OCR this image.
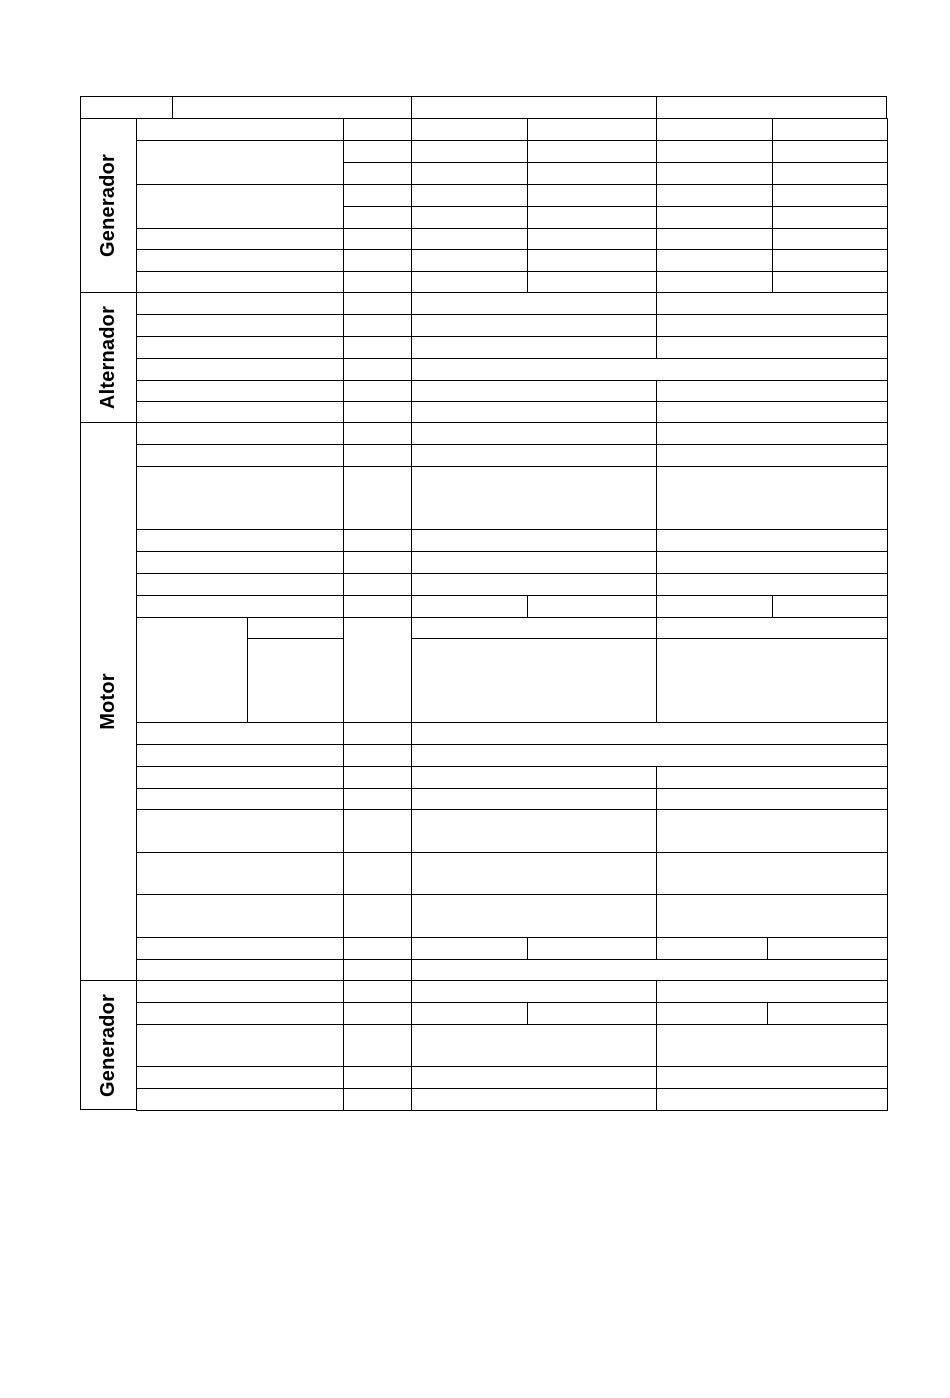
Generador
Alternador
Motor
Generador
